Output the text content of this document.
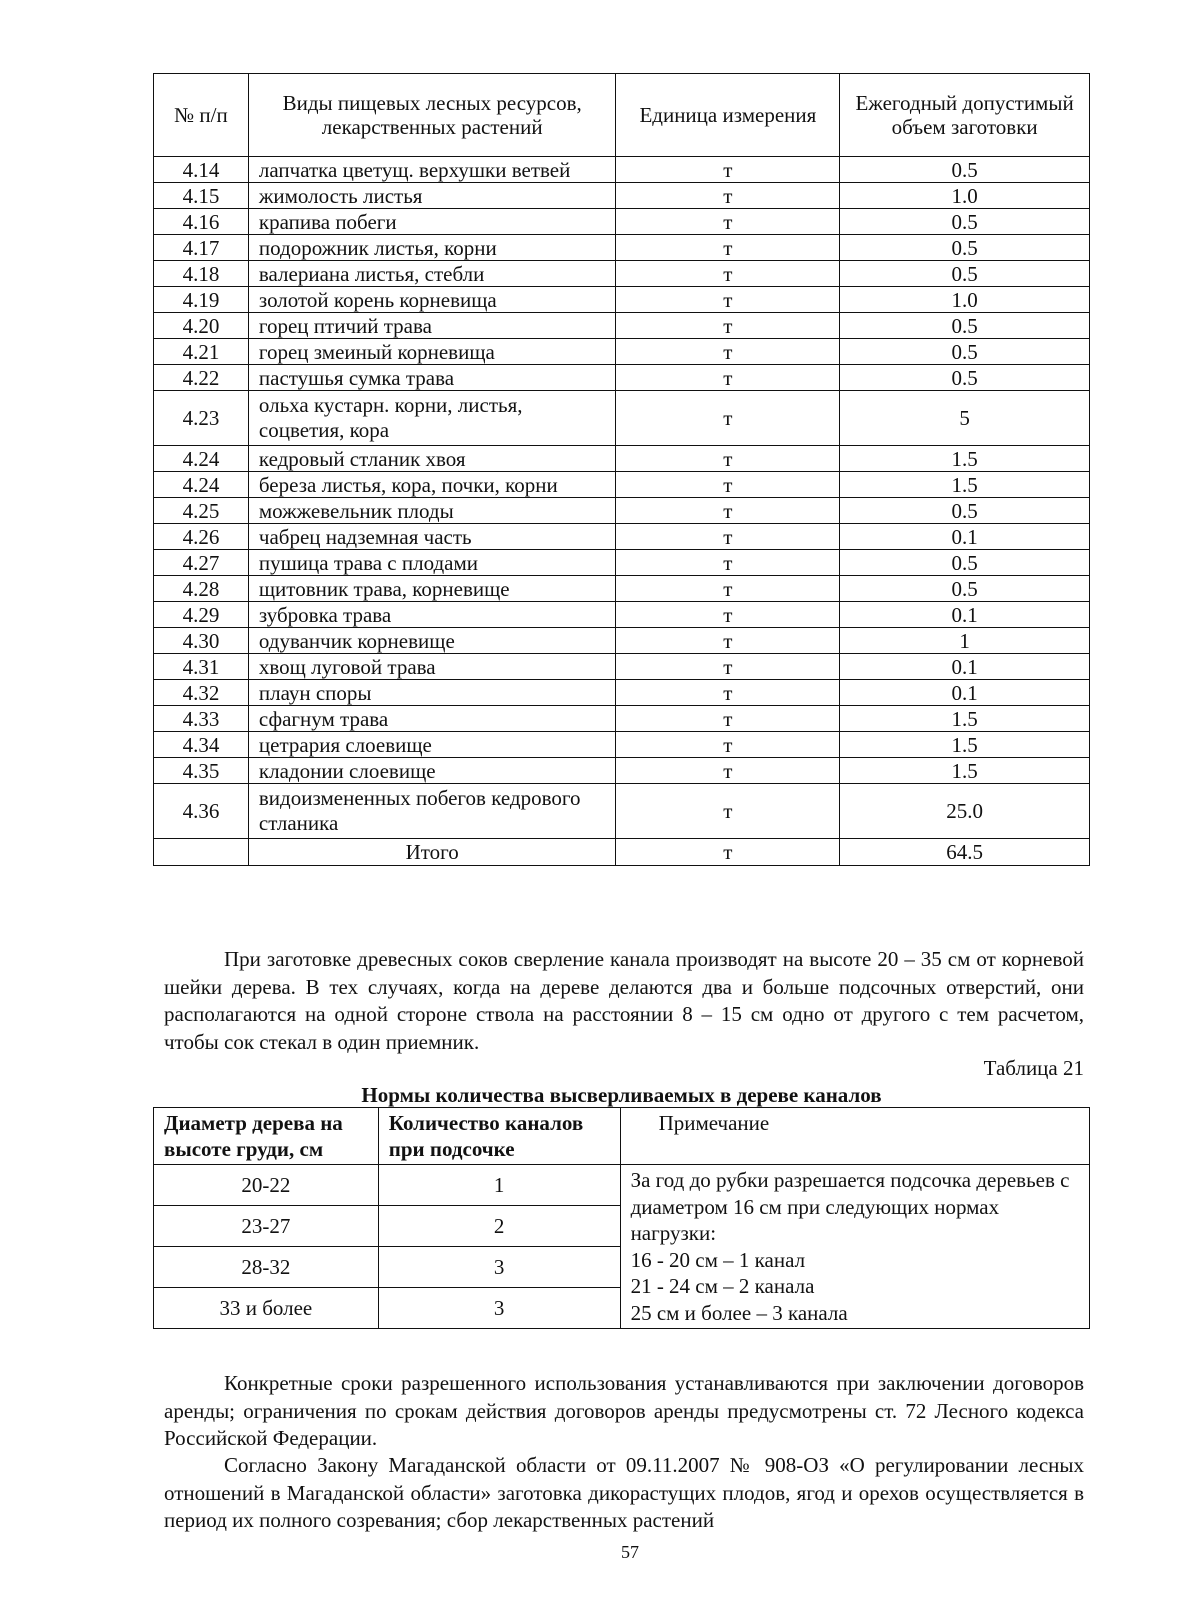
№ п/п	Виды пищевых лесных ресурсов, лекарственных растений	Единица измерения	Ежегодный допустимый объем заготовки
4.14	лапчатка цветущ. верхушки ветвей	т	0.5
4.15	жимолость листья	т	1.0
4.16	крапива побеги	т	0.5
4.17	подорожник листья, корни	т	0.5
4.18	валериана листья, стебли	т	0.5
4.19	золотой корень корневища	т	1.0
4.20	горец птичий трава	т	0.5
4.21	горец змеиный корневища	т	0.5
4.22	пастушья сумка трава	т	0.5
4.23	ольха кустарн. корни, листья, соцветия, кора	т	5
4.24	кедровый стланик хвоя	т	1.5
4.24	береза листья, кора, почки, корни	т	1.5
4.25	можжевельник плоды	т	0.5
4.26	чабрец надземная часть	т	0.1
4.27	пушица трава с плодами	т	0.5
4.28	щитовник трава, корневище	т	0.5
4.29	зубровка трава	т	0.1
4.30	одуванчик корневище	т	1
4.31	хвощ луговой трава	т	0.1
4.32	плаун споры	т	0.1
4.33	сфагнум трава	т	1.5
4.34	цетрария слоевище	т	1.5
4.35	кладонии слоевище	т	1.5
4.36	видоизмененных побегов кедрового стланика	т	25.0
	Итого	т	64.5

При заготовке древесных соков сверление канала производят на высоте 20 – 35 см от корневой шейки дерева. В тех случаях, когда на дереве делаются два и больше подсочных отверстий, они располагаются на одной стороне ствола на расстоянии 8 – 15 см одно от другого с тем расчетом, чтобы сок стекал в один приемник.

Таблица 21
Нормы количества высверливаемых в дереве каналов
Диаметр дерева на высоте груди, см	Количество каналов при подсочке	Примечание
20-22	1	За год до рубки разрешается подсочка деревьев с диаметром 16 см при следующих нормах нагрузки:
16 - 20 см – 1 канал
21 - 24 см – 2 канала
25 см и более – 3 канала

23-27	2	
28-32	3	
33 и более	3	

Конкретные сроки разрешенного использования устанавливаются при заключении договоров аренды; ограничения по срокам действия договоров аренды предусмотрены ст. 72 Лесного кодекса Российской Федерации.

Согласно Закону Магаданской области от 09.11.2007 № 908-ОЗ «О регулировании лесных отношений в Магаданской области» заготовка дикорастущих плодов, ягод и орехов осуществляется в период их полного созревания; сбор лекарственных растений

57
